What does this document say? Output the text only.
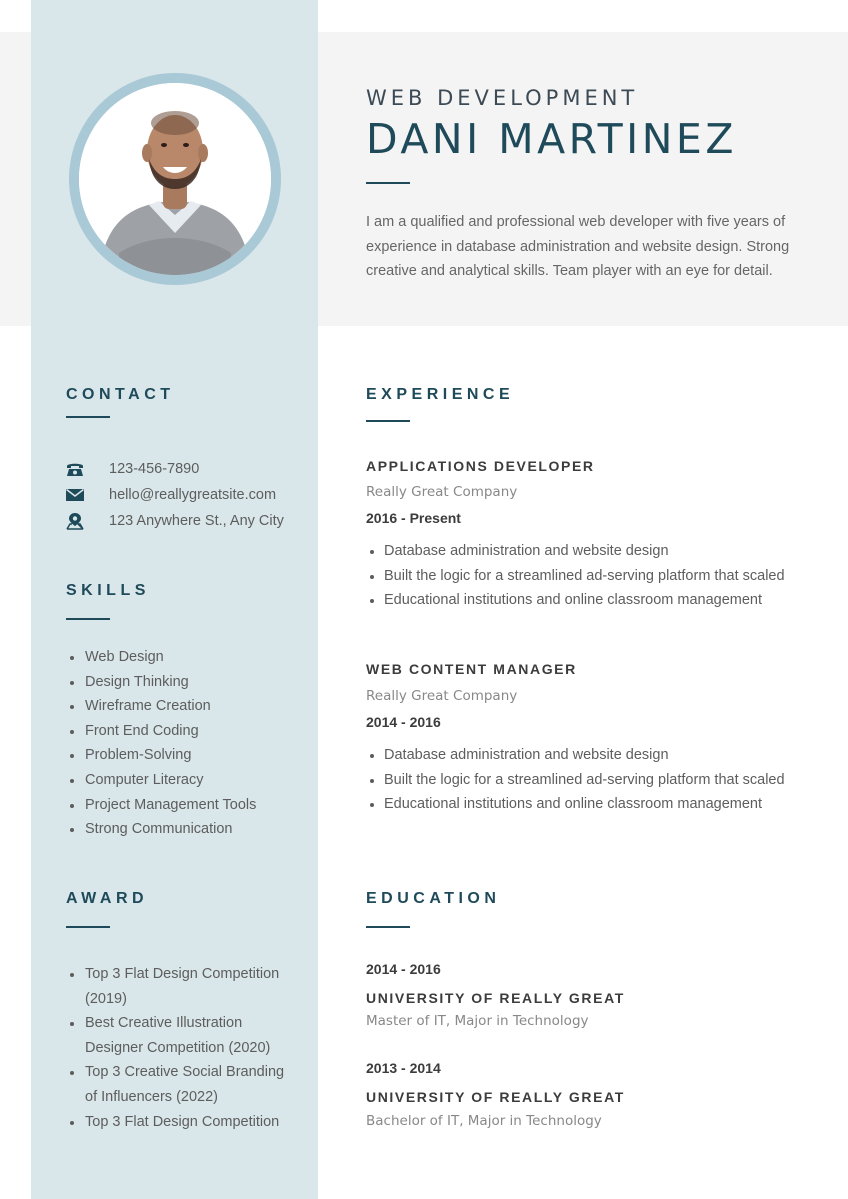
WEB DEVELOPMENT
DANI MARTINEZ

I am a qualified and professional web developer with five years of experience in database administration and website design. Strong creative and analytical skills. Team player with an eye for detail.

CONTACT
123-456-7890
hello@reallygreatsite.com
123 Anywhere St., Any City
SKILLS
Web Design
Design Thinking
Wireframe Creation
Front End Coding
Problem-Solving
Computer Literacy
Project Management Tools
Strong Communication
AWARD
Top 3 Flat Design Competition (2019)
Best Creative Illustration Designer Competition (2020)
Top 3 Creative Social Branding of Influencers (2022)
Top 3 Flat Design Competition
EXPERIENCE
APPLICATIONS DEVELOPER
Really Great Company
2016 - Present
Database administration and website design
Built the logic for a streamlined ad-serving platform that scaled
Educational institutions and online classroom management
WEB CONTENT MANAGER
Really Great Company
2014 - 2016
Database administration and website design
Built the logic for a streamlined ad-serving platform that scaled
Educational institutions and online classroom management
EDUCATION
2014 - 2016
UNIVERSITY OF REALLY GREAT
Master of IT, Major in Technology
2013 - 2014
UNIVERSITY OF REALLY GREAT
Bachelor of IT, Major in Technology
